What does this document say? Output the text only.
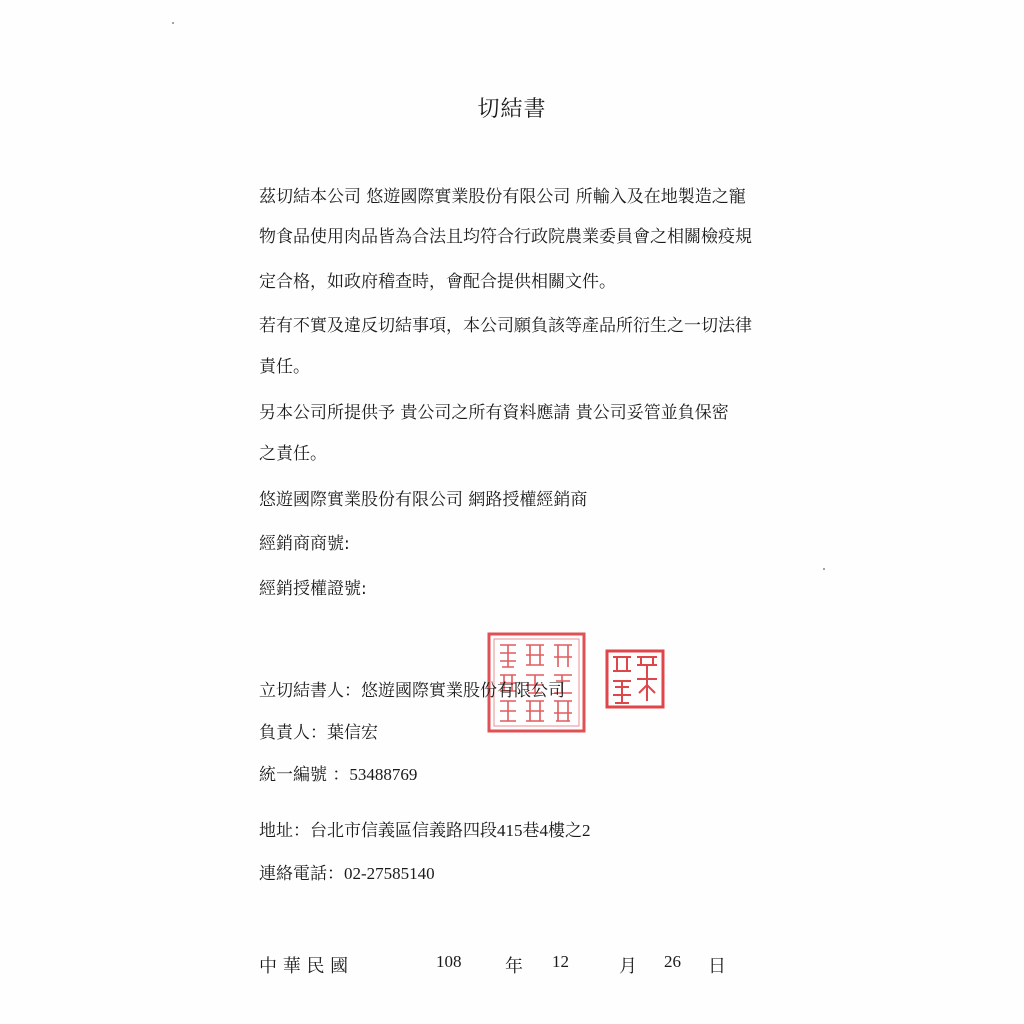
切結書
茲切結本公司 悠遊國際實業股份有限公司 所輸入及在地製造之寵
物食品使用肉品皆為合法且均符合行政院農業委員會之相關檢疫規
定合格，如政府稽查時，會配合提供相關文件。
若有不實及違反切結事項，本公司願負該等產品所衍生之一切法律
責任。
另本公司所提供予 貴公司之所有資料應請 貴公司妥管並負保密
之責任。
悠遊國際實業股份有限公司 網路授權經銷商
經銷商商號:
經銷授權證號:
立切結書人：悠遊國際實業股份有限公司
負責人：葉信宏
統一編號 ：53488769
地址：台北市信義區信義路四段415巷4樓之2
連絡電話：02-27585140
中 華 民 國	108 年 12	月 26 日
